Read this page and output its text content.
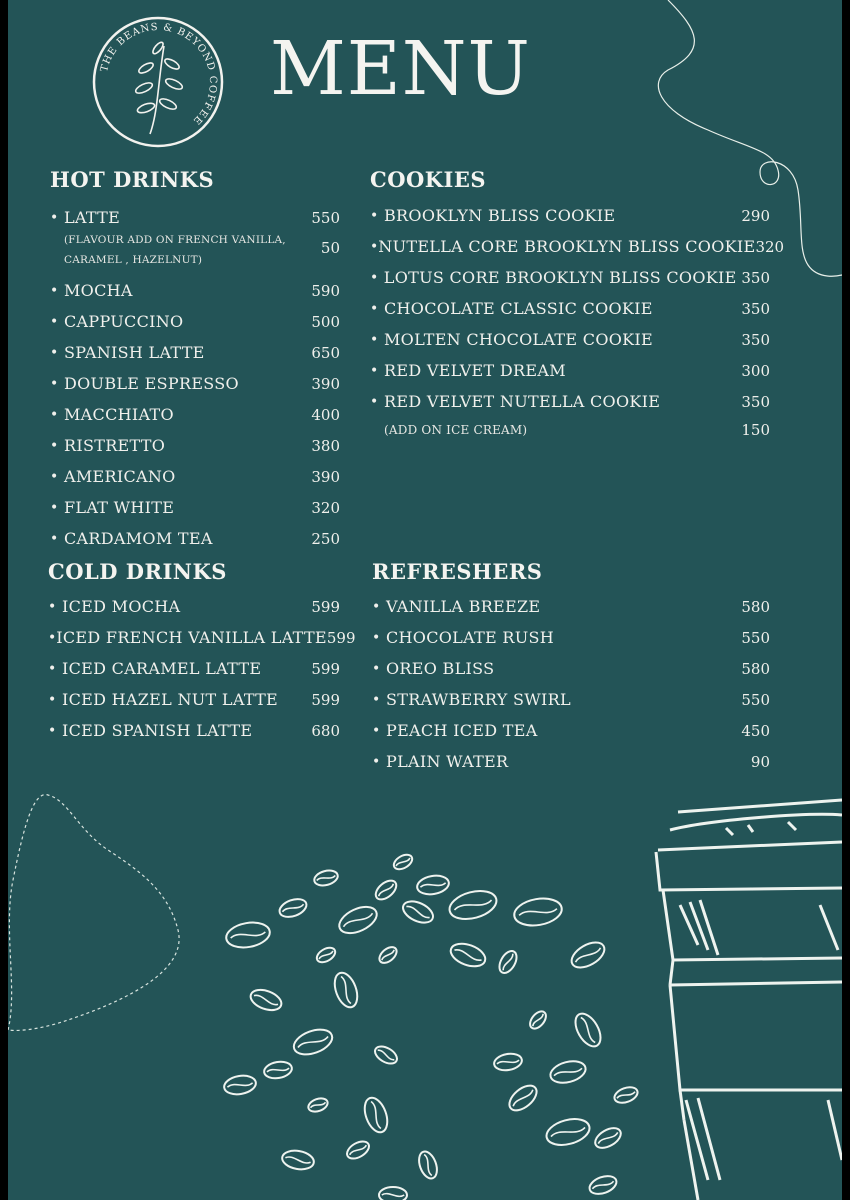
THE BEANS & BEYOND COFFEE
MENU
HOT DRINKS
• LATTE	550
(FLAVOUR ADD ON FRENCH VANILLA,
CARAMEL , HAZELNUT)
50
• MOCHA	590
• CAPPUCCINO	500
• SPANISH LATTE	650
• DOUBLE ESPRESSO	390
• MACCHIATO	400
• RISTRETTO	380
• AMERICANO	390
• FLAT WHITE	320
• CARDAMOM TEA	250
COOKIES
• BROOKLYN BLISS COOKIE	290
• NUTELLA CORE BROOKLYN BLISS COOKIE 320
• LOTUS CORE BROOKLYN BLISS COOKIE 350
• CHOCOLATE CLASSIC COOKIE	350
• MOLTEN CHOCOLATE COOKIE	350
• RED VELVET DREAM	300
• RED VELVET NUTELLA COOKIE	350
(ADD ON ICE CREAM)	150
COLD DRINKS
• ICED MOCHA	599
• ICED FRENCH VANILLA LATTE 599
• ICED CARAMEL LATTE	599
• ICED HAZEL NUT LATTE	599
• ICED SPANISH LATTE	680
REFRESHERS
• VANILLA BREEZE	580
• CHOCOLATE RUSH	550
• OREO BLISS	580
• STRAWBERRY SWIRL	550
• PEACH ICED TEA	450
• PLAIN WATER	90
